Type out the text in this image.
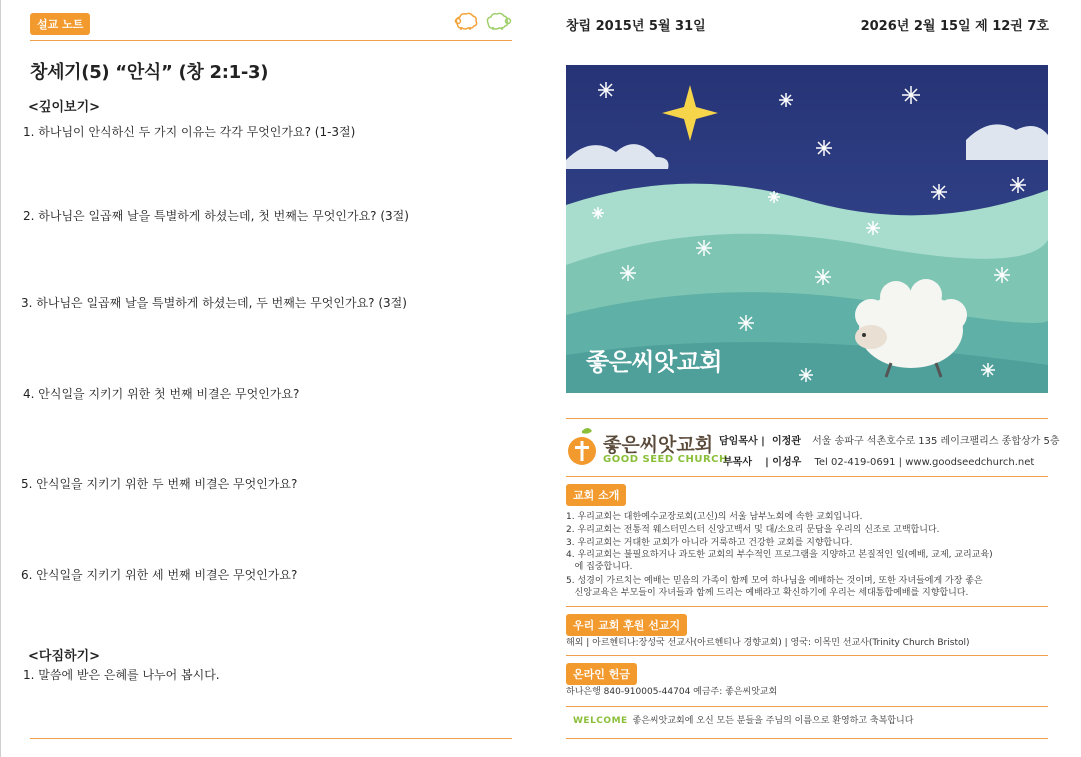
설교 노트
창세기(5) “안식” (창 2:1-3)
<깊이보기>
1. 하나님이 안식하신 두 가지 이유는 각각 무엇인가요? (1-3절)
2. 하나님은 일곱째 날을 특별하게 하셨는데, 첫 번째는 무엇인가요? (3절)
3. 하나님은 일곱째 날을 특별하게 하셨는데, 두 번째는 무엇인가요? (3절)
4. 안식일을 지키기 위한 첫 번째 비결은 무엇인가요?
5. 안식일을 지키기 위한 두 번째 비결은 무엇인가요?
6. 안식일을 지키기 위한 세 번째 비결은 무엇인가요?
<다짐하기>
1. 말씀에 받은 은혜를 나누어 봅시다.
창립 2015년 5월 31일	2026년 2월 15일 제 12권 7호
좋은씨앗교회
좋은씨앗교회
GOOD SEED CHURCH
담임목사 | 이정관 서울 송파구 석촌호수로 135 레이크팰리스 종합상가 5층
부목사 | 이성우 Tel 02-419-0691 | www.goodseedchurch.net
교회 소개
1. 우리교회는 대한예수교장로회(고신)의 서울 남부노회에 속한 교회입니다.
2. 우리교회는 전통적 웨스터민스터 신앙고백서 및 대/소요리 문답을 우리의 신조로 고백합니다.
3. 우리교회는 거대한 교회가 아니라 거룩하고 건강한 교회를 지향합니다.
4. 우리교회는 불필요하거나 과도한 교회의 부수적인 프로그램을 지양하고 본질적인 일(예배, 교제, 교리교육)
에 집중합니다.
5. 성경이 가르치는 예배는 믿음의 가족이 함께 모여 하나님을 예배하는 것이며, 또한 자녀들에게 가장 좋은
신앙교육은 부모들이 자녀들과 함께 드리는 예배라고 확신하기에 우리는 세대통합예배를 지향합니다.
우리 교회 후원 선교지
해외 | 아르헨티나:장성국 선교사(아르헨티나 경향교회) | 영국: 이목민 선교사(Trinity Church Bristol)
온라인 헌금
하나은행 840-910005-44704 예금주: 좋은씨앗교회
WELCOME 좋은씨앗교회에 오신 모든 분들을 주님의 이름으로 환영하고 축복합니다
